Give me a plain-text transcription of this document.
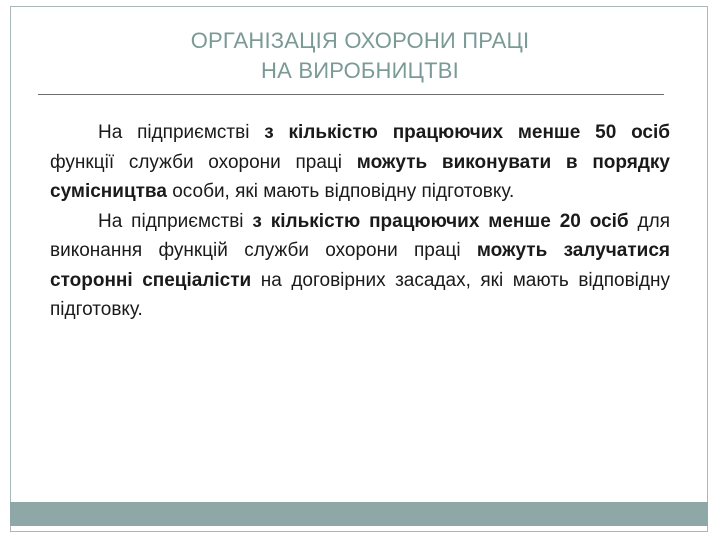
ОРГАНІЗАЦІЯ ОХОРОНИ ПРАЦІ
НА ВИРОБНИЦТВІ

На підприємстві з кількістю працюючих менше 50 осіб функції служби охорони праці можуть виконувати в порядку сумісництва особи, які мають відповідну підготовку.

На підприємстві з кількістю працюючих менше 20 осіб для виконання функцій служби охорони праці можуть залучатися сторонні спеціалісти на договірних засадах, які мають відповідну підготовку.
